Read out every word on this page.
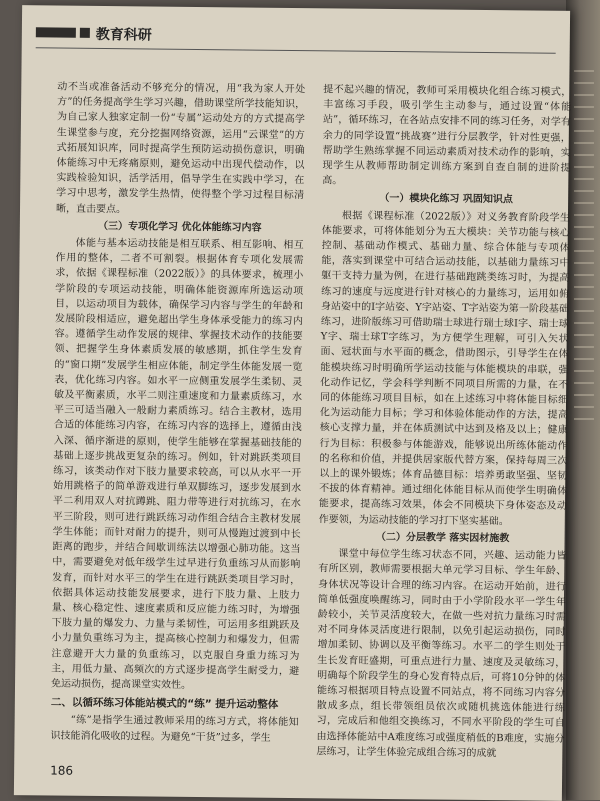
教育科研

动不当或准备活动不够充分的情况，用“我为家人开处方”的任务提高学生学习兴趣，借助课堂所学技能知识，为自己家人独家定制一份“专属”运动处方的方式提高学生课堂参与度，充分挖掘网络资源，运用“云课堂”的方式拓展知识库，同时提高学生预防运动损伤意识，明确体能练习中无疼痛原则，避免运动中出现代偿动作，以实践检验知识，活学活用，倡导学生在实践中学习，在学习中思考，激发学生热情，使得整个学习过程目标清晰，直击要点。

（三）专项化学习 优化体能练习内容

体能与基本运动技能是相互联系、相互影响、相互作用的整体，二者不可割裂。根据体育专项化发展需求，依据《课程标准（2022版）》的具体要求，梳理小学阶段的专项运动技能，明确体能资源库所选运动项目，以运动项目为载体，确保学习内容与学生的年龄和发展阶段相适应，避免超出学生身体承受能力的练习内容。遵循学生动作发展的规律、掌握技术动作的技能要领、把握学生身体素质发展的敏感期，抓住学生发育的“窗口期”发展学生相应体能，制定学生体能发展一览表，优化练习内容。如水平一应侧重发展学生柔韧、灵敏及平衡素质，水平二则注重速度和力量素质练习，水平三可适当融入一般耐力素质练习。结合主教材，选用合适的体能练习内容，在练习内容的选择上，遵循由浅入深、循序渐进的原则，使学生能够在掌握基础技能的基础上逐步挑战更复杂的练习。例如，针对跳跃类项目练习，该类动作对下肢力量要求较高，可以从水平一开始用跳格子的简单游戏进行单双脚练习，逐步发展到水平二利用双人对抗蹲跳、阻力带等进行对抗练习，在水平三阶段，则可进行跳跃练习动作组合结合主教材发展学生体能；而针对耐力的提升，则可从慢跑过渡到中长距离的跑步，并结合间歇训练法以增强心肺功能。这当中，需要避免对低年级学生过早进行负重练习从而影响发育，而针对水平三的学生在进行跳跃类项目学习时，依据具体运动技能发展要求，进行下肢力量、上肢力量、核心稳定性、速度素质和反应能力练习时，为增强下肢力量的爆发力、力量与柔韧性，可运用多组跳跃及小力量负重练习为主，提高核心控制力和爆发力，但需注意避开大力量的负重练习，以克服自身重力练习为主，用低力量、高频次的方式逐步提高学生耐受力，避免运动损伤，提高课堂实效性。

二、以循环练习体能站模式的“练” 提升运动整体

“练”是指学生通过教师采用的练习方式，将体能知识技能消化吸收的过程。为避免“干货”过多，学生

提不起兴趣的情况，教师可采用模块化组合练习模式，丰富练习手段，吸引学生主动参与，通过设置“体能站”，循环练习，在各站点安排不同的练习任务，对学有余力的同学设置“挑战赛”进行分层教学，针对性更强，帮助学生熟练掌握不同运动素质对技术动作的影响，实现学生从教师帮助制定训练方案到自查自制的进阶提高。

（一）模块化练习 巩固知识点

根据《课程标准（2022版）》对义务教育阶段学生体能要求，可将体能划分为五大模块：关节功能与核心控制、基础动作模式、基础力量、综合体能与专项体能，落实到课堂中可结合运动技能，以基础力量练习中躯干支持力量为例，在进行基础跑跳类练习时，为提高练习的速度与远度进行针对核心的力量练习，运用如俯身站姿中的I字站姿、Y字站姿、T字站姿为第一阶段基础练习，进阶版练习可借助瑞士球进行瑞士球I字、瑞士球Y字、瑞士球T字练习，为方便学生理解，可引入矢状面、冠状面与水平面的概念，借助图示，引导学生在体能模块练习时明确所学运动技能与体能模块的串联，强化动作记忆，学会科学判断不同项目所需的力量，在不同的体能练习项目目标，如在上述练习中将体能目标细化为运动能力目标；学习和体验体能动作的方法，提高核心支撑力量，并在体质测试中达到及格及以上；健康行为目标：积极参与体能游戏，能够说出所练体能动作的名称和价值，并提供居家版代替方案，保持每周三次以上的课外锻炼；体育品德目标：培养勇敢坚强、坚韧不拔的体育精神。通过细化体能目标从而使学生明确体能要求，提高练习效果，体会不同模块下身体姿态及动作要领，为运动技能的学习打下坚实基础。

（二）分层教学 落实因材施教

课堂中每位学生练习状态不同，兴趣、运动能力皆有所区别，教师需要根据大单元学习目标、学生年龄、身体状况等设计合理的练习内容。在运动开始前，进行简单低强度唤醒练习，同时由于小学阶段水平一学生年龄较小，关节灵活度较大，在做一些对抗力量练习时需对不同身体灵活度进行限制，以免引起运动损伤，同时增加柔韧、协调以及平衡等练习。水平二的学生则处于生长发育旺盛期，可重点进行力量、速度及灵敏练习，明确每个阶段学生的身心发育特点后，可将10分钟的体能练习根据项目特点设置不同站点，将不同练习内容分散成多点，组长带领组员依次或随机挑选体能进行练习，完成后和他组交换练习，不同水平阶段的学生可自由选择体能站中A难度练习或强度稍低的B难度，实施分层练习，让学生体验完成组合练习的成就

186
